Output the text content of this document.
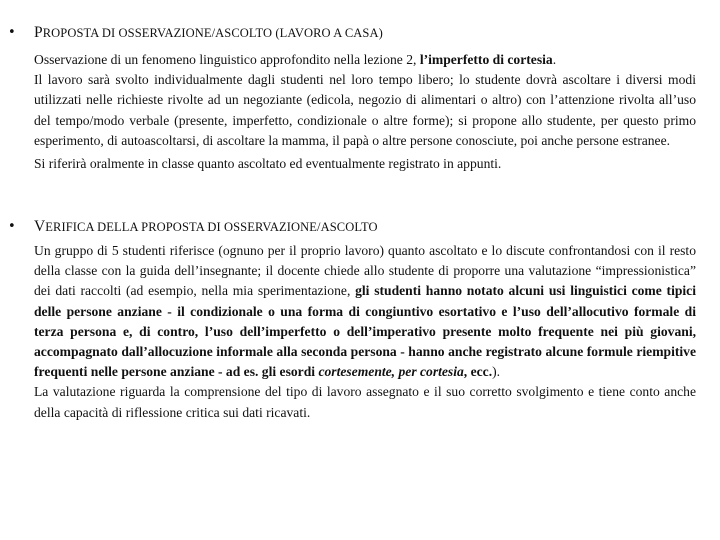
• PROPOSTA DI OSSERVAZIONE/ASCOLTO (LAVORO A CASA)

Osservazione di un fenomeno linguistico approfondito nella lezione 2, l’imperfetto di cortesia.

Il lavoro sarà svolto individualmente dagli studenti nel loro tempo libero; lo studente dovrà ascoltare i diversi modi utilizzati nelle richieste rivolte ad un negoziante (edicola, negozio di alimentari o altro) con l’attenzione rivolta all’uso del tempo/modo verbale (presente, imperfetto, condizionale o altre forme); si propone allo studente, per questo primo esperimento, di autoascoltarsi, di ascoltare la mamma, il papà o altre persone conosciute, poi anche persone estranee.

Si riferirà oralmente in classe quanto ascoltato ed eventualmente registrato in appunti.

• VERIFICA DELLA PROPOSTA DI OSSERVAZIONE/ASCOLTO

Un gruppo di 5 studenti riferisce (ognuno per il proprio lavoro) quanto ascoltato e lo discute confrontandosi con il resto della classe con la guida dell’insegnante; il docente chiede allo studente di proporre una valutazione “impressionistica” dei dati raccolti (ad esempio, nella mia sperimentazione, gli studenti hanno notato alcuni usi linguistici come tipici delle persone anziane - il condizionale o una forma di congiuntivo esortativo e l’uso dell’allocutivo formale di terza persona e, di contro, l’uso dell’imperfetto o dell’imperativo presente molto frequente nei più giovani, accompagnato dall’allocuzione informale alla seconda persona - hanno anche registrato alcune formule riempitive frequenti nelle persone anziane - ad es. gli esordi cortesemente, per cortesia, ecc.).

La valutazione riguarda la comprensione del tipo di lavoro assegnato e il suo corretto svolgimento e tiene conto anche della capacità di riflessione critica sui dati ricavati.
